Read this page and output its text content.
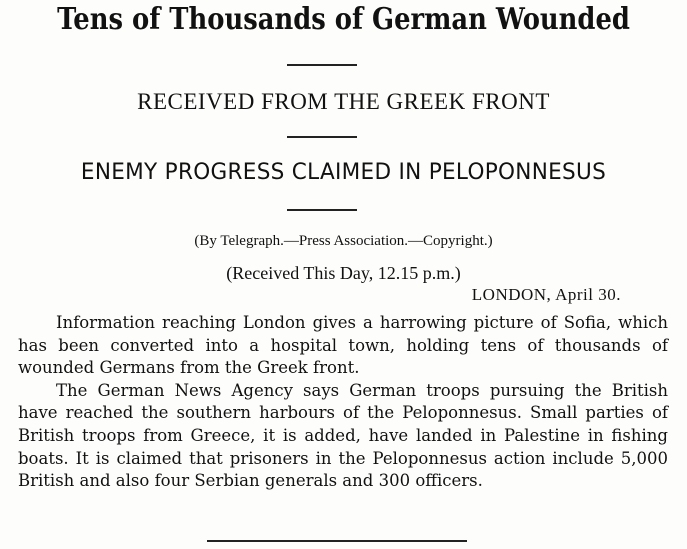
Tens of Thousands of German Wounded
RECEIVED FROM THE GREEK FRONT
ENEMY PROGRESS CLAIMED IN PELOPONNESUS
(By Telegraph.—Press Association.—Copyright.)
(Received This Day, 12.15 p.m.)
LONDON, April 30.

Information reaching London gives a harrowing picture of Sofia, which has been converted into a hospital town, holding tens of thousands of wounded Germans from the Greek front.

The German News Agency says German troops pursuing the British have reached the southern harbours of the Peloponnesus. Small parties of British troops from Greece, it is added, have landed in Palestine in fishing boats. It is claimed that prisoners in the Peloponnesus action include 5,000 British and also four Serbian generals and 300 officers.
